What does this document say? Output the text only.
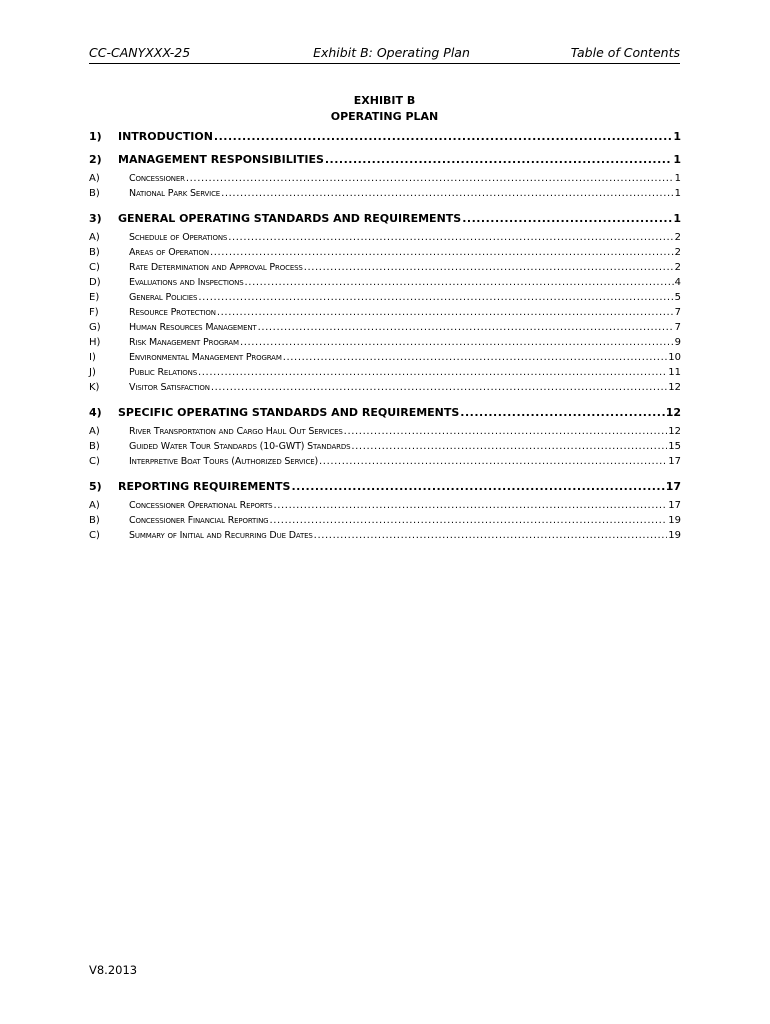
CC-CANYXXX-25	Exhibit B: Operating Plan	Table of Contents
EXHIBIT B
OPERATING PLAN
1)	INTRODUCTION .....	1
2)	MANAGEMENT RESPONSIBILITIES .....	1
A)	Concessioner .....	1
B)	National Park Service .....	1
3)	GENERAL OPERATING STANDARDS AND REQUIREMENTS .....	1
A)	Schedule of Operations .....	2
B)	Areas of Operation .....	2
C)	Rate Determination and Approval Process .....	2
D)	Evaluations and Inspections .....	4
E)	General Policies .....	5
F)	Resource Protection .....	7
G)	Human Resources Management .....	7
H)	Risk Management Program .....	9
I)	Environmental Management Program .....	10
J)	Public Relations .....	11
K)	Visitor Satisfaction .....	12
4)	SPECIFIC OPERATING STANDARDS AND REQUIREMENTS .....	12
A)	River Transportation and Cargo Haul Out Services .....	12
B)	Guided Water Tour Standards (10-GWT) Standards .....	15
C)	Interpretive Boat Tours (Authorized Service) .....	17
5)	REPORTING REQUIREMENTS .....	17
A)	Concessioner Operational Reports .....	17
B)	Concessioner Financial Reporting .....	19
C)	Summary of Initial and Recurring Due Dates .....	19
V8.2013
